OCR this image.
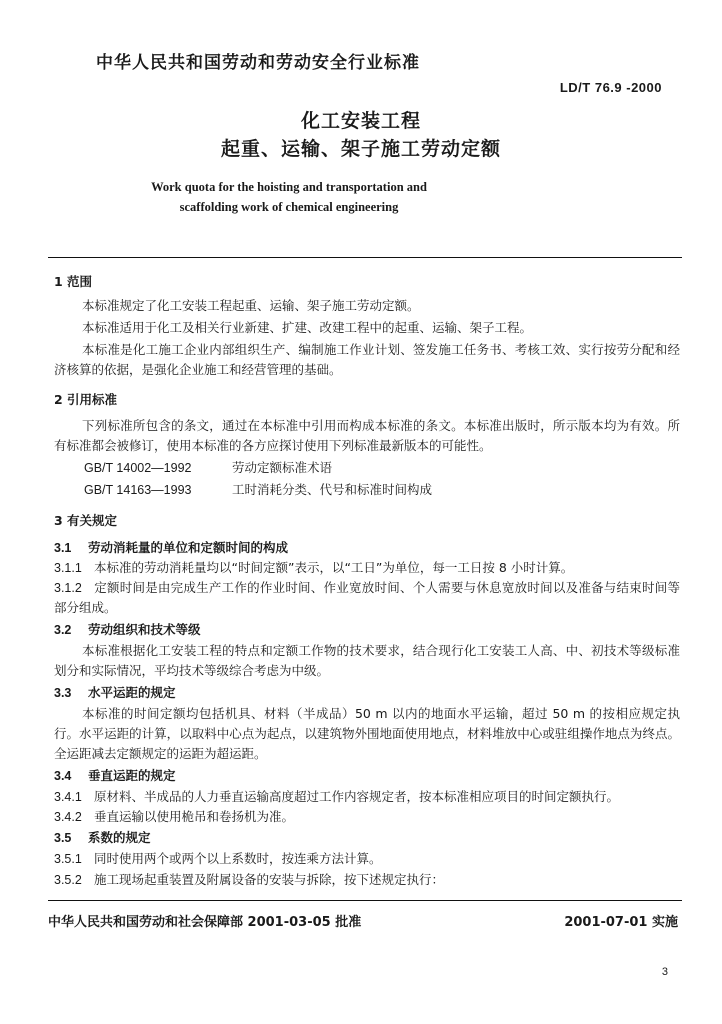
中华人民共和国劳动和劳动安全行业标准
LD/T 76.9 -2000
化工安装工程
起重、运输、架子施工劳动定额
Work quota for the hoisting and transportation and
scaffolding work of chemical engineering
1 范围
本标准规定了化工安装工程起重、运输、架子施工劳动定额。
本标准适用于化工及相关行业新建、扩建、改建工程中的起重、运输、架子工程。
本标准是化工施工企业内部组织生产、编制施工作业计划、签发施工任务书、考核工效、实行按劳分配和经济核算的依据，是强化企业施工和经营管理的基础。
2 引用标准
下列标准所包含的条文，通过在本标准中引用而构成本标准的条文。本标准出版时，所示版本均为有效。所有标准都会被修订，使用本标准的各方应探讨使用下列标准最新版本的可能性。
GB/T 14002—1992	劳动定额标准术语
GB/T 14163—1993	工时消耗分类、代号和标准时间构成
3 有关规定
3.1 劳动消耗量的单位和定额时间的构成
3.1.1 本标准的劳动消耗量均以“时间定额”表示，以“工日”为单位，每一工日按 8 小时计算。
3.1.2 定额时间是由完成生产工作的作业时间、作业宽放时间、个人需要与休息宽放时间以及准备与结束时间等部分组成。
3.2 劳动组织和技术等级
本标准根据化工安装工程的特点和定额工作物的技术要求，结合现行化工安装工人高、中、初技术等级标准划分和实际情况，平均技术等级综合考虑为中级。
3.3 水平运距的规定
本标准的时间定额均包括机具、材料（半成品）50 m 以内的地面水平运输，超过 50 m 的按相应规定执行。水平运距的计算，以取料中心点为起点，以建筑物外围地面使用地点，材料堆放中心或驻组操作地点为终点。全运距减去定额规定的运距为超运距。
3.4 垂直运距的规定
3.4.1 原材料、半成品的人力垂直运输高度超过工作内容规定者，按本标准相应项目的时间定额执行。
3.4.2 垂直运输以使用桅吊和卷扬机为准。
3.5 系数的规定
3.5.1 同时使用两个或两个以上系数时，按连乘方法计算。
3.5.2 施工现场起重装置及附属设备的安装与拆除，按下述规定执行：
中华人民共和国劳动和社会保障部 2001-03-05 批准	2001-07-01 实施
3
